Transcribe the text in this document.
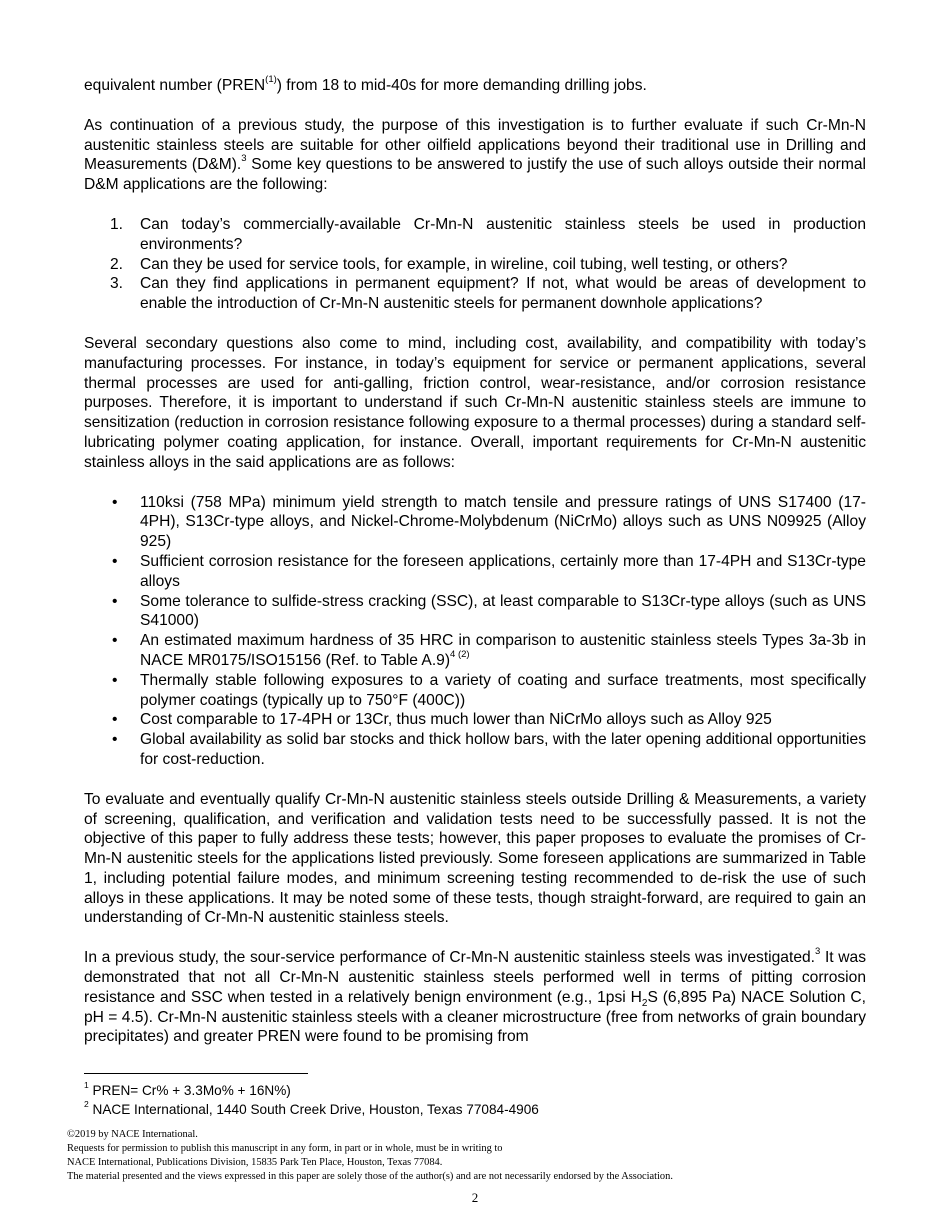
equivalent number (PREN$^{(1)}$) from 18 to mid-40s for more demanding drilling jobs.

As continuation of a previous study, the purpose of this investigation is to further evaluate if such Cr-Mn-N austenitic stainless steels are suitable for other oilfield applications beyond their traditional use in Drilling and Measurements (D&M).$^3$ Some key questions to be answered to justify the use of such alloys outside their normal D&M applications are the following:

1. Can today’s commercially-available Cr-Mn-N austenitic stainless steels be used in production environments?
2. Can they be used for service tools, for example, in wireline, coil tubing, well testing, or others?
3. Can they find applications in permanent equipment? If not, what would be areas of development to enable the introduction of Cr-Mn-N austenitic steels for permanent downhole applications?

Several secondary questions also come to mind, including cost, availability, and compatibility with today’s manufacturing processes. For instance, in today’s equipment for service or permanent applications, several thermal processes are used for anti-galling, friction control, wear-resistance, and/or corrosion resistance purposes. Therefore, it is important to understand if such Cr-Mn-N austenitic stainless steels are immune to sensitization (reduction in corrosion resistance following exposure to a thermal processes) during a standard self-lubricating polymer coating application, for instance. Overall, important requirements for Cr-Mn-N austenitic stainless alloys in the said applications are as follows:

• 110ksi (758 MPa) minimum yield strength to match tensile and pressure ratings of UNS S17400 (17-4PH), S13Cr-type alloys, and Nickel-Chrome-Molybdenum (NiCrMo) alloys such as UNS N09925 (Alloy 925)
• Sufficient corrosion resistance for the foreseen applications, certainly more than 17-4PH and S13Cr-type alloys
• Some tolerance to sulfide-stress cracking (SSC), at least comparable to S13Cr-type alloys (such as UNS S41000)
• An estimated maximum hardness of 35 HRC in comparison to austenitic stainless steels Types 3a-3b in NACE MR0175/ISO15156 (Ref. to Table A.9)$^{4 (2)}$
• Thermally stable following exposures to a variety of coating and surface treatments, most specifically polymer coatings (typically up to 750°F (400C))
• Cost comparable to 17-4PH or 13Cr, thus much lower than NiCrMo alloys such as Alloy 925
• Global availability as solid bar stocks and thick hollow bars, with the later opening additional opportunities for cost-reduction.

To evaluate and eventually qualify Cr-Mn-N austenitic stainless steels outside Drilling & Measurements, a variety of screening, qualification, and verification and validation tests need to be successfully passed. It is not the objective of this paper to fully address these tests; however, this paper proposes to evaluate the promises of Cr-Mn-N austenitic steels for the applications listed previously. Some foreseen applications are summarized in Table 1, including potential failure modes, and minimum screening testing recommended to de-risk the use of such alloys in these applications. It may be noted some of these tests, though straight-forward, are required to gain an understanding of Cr-Mn-N austenitic stainless steels.

In a previous study, the sour-service performance of Cr-Mn-N austenitic stainless steels was investigated.$^3$ It was demonstrated that not all Cr-Mn-N austenitic stainless steels performed well in terms of pitting corrosion resistance and SSC when tested in a relatively benign environment (e.g., 1psi $H_2S$ (6,895 Pa) NACE Solution C, pH = 4.5). Cr-Mn-N austenitic stainless steels with a cleaner microstructure (free from networks of grain boundary precipitates) and greater PREN were found to be promising from

$^1$ PREN= Cr% + 3.3Mo% + 16N%)
$^2$ NACE International, 1440 South Creek Drive, Houston, Texas 77084-4906
©2019 by NACE International.
Requests for permission to publish this manuscript in any form, in part or in whole, must be in writing to
NACE International, Publications Division, 15835 Park Ten Place, Houston, Texas 77084.
The material presented and the views expressed in this paper are solely those of the author(s) and are not necessarily endorsed by the Association.
2
